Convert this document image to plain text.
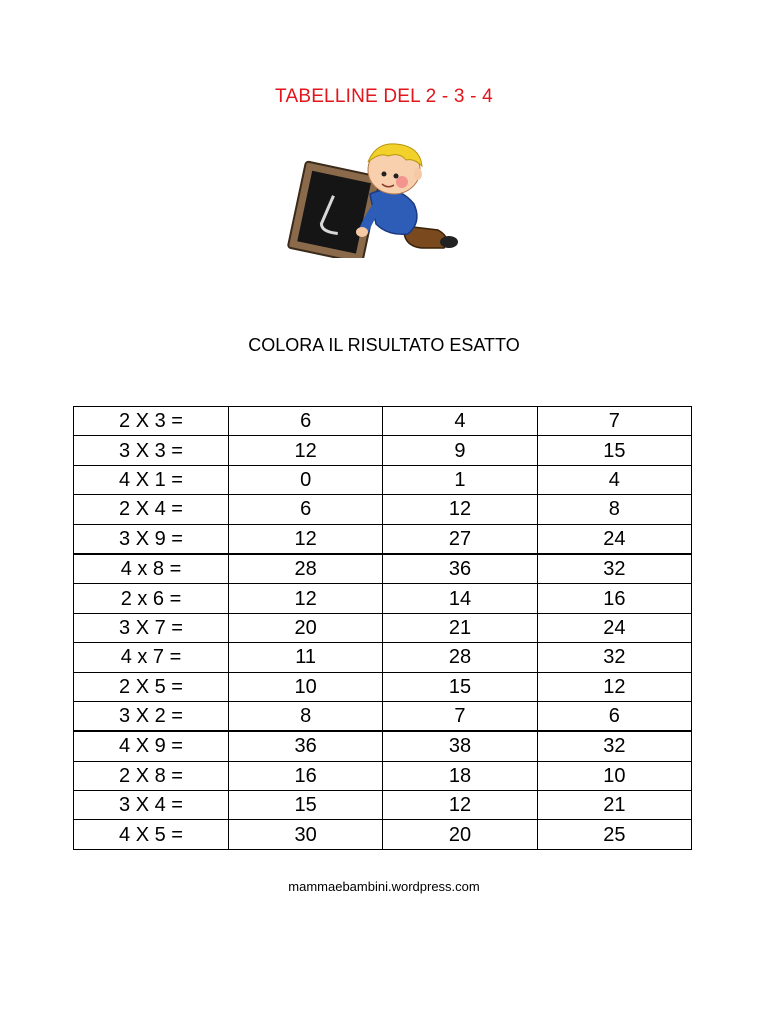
TABELLINE DEL 2 - 3 - 4
COLORA IL RISULTATO ESATTO
2 X 3 =	6	4	7
3 X 3 =	12	9	15
4 X 1 =	0	1	4
2 X 4 =	6	12	8
3 X 9 =	12	27	24
4 x 8 =	28	36	32
2 x 6 =	12	14	16
3 X 7 =	20	21	24
4 x 7 =	11	28	32
2 X 5 =	10	15	12
3 X 2 =	8	7	6
4 X 9 =	36	38	32
2 X 8 =	16	18	10
3 X 4 =	15	12	21
4 X 5 =	30	20	25
mammaebambini.wordpress.com
